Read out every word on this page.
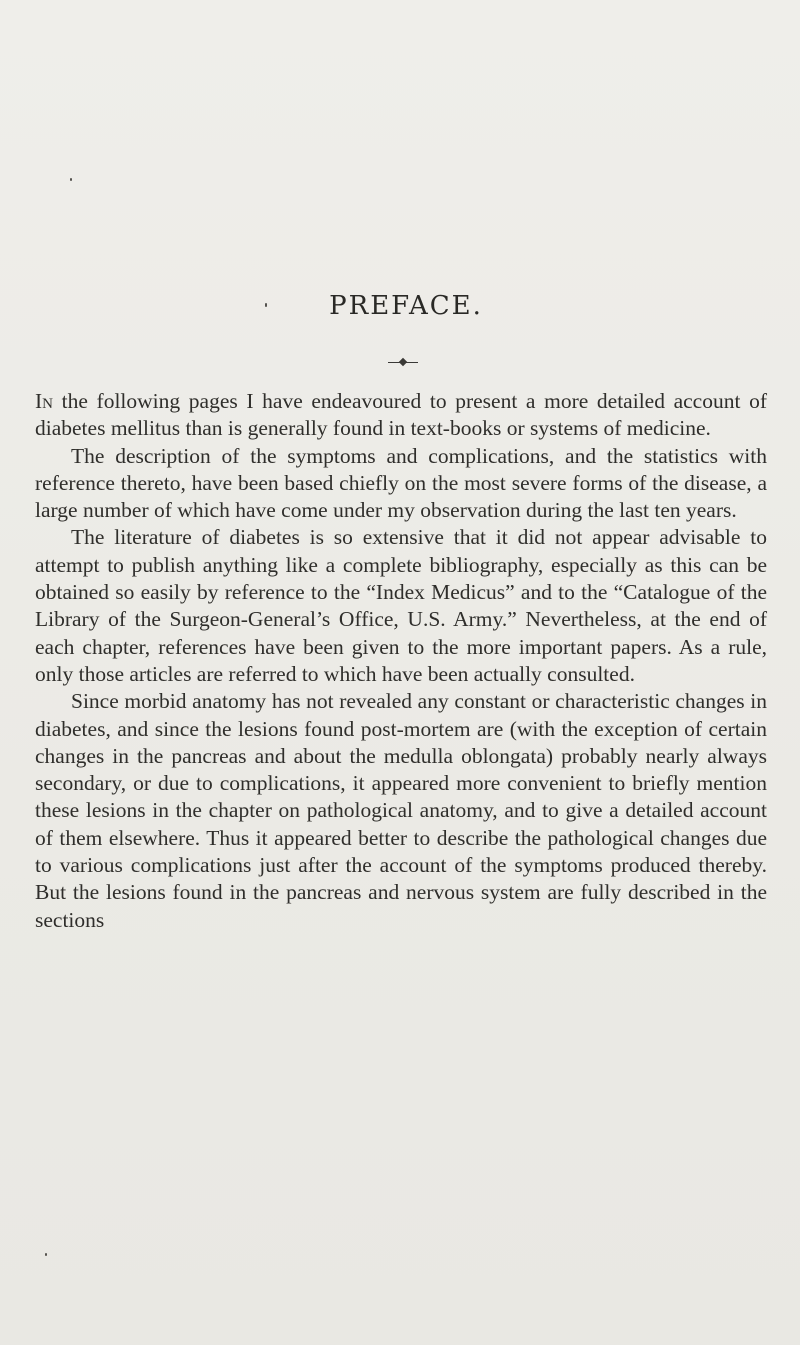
PREFACE.

In the following pages I have endeavoured to present a more detailed account of diabetes mellitus than is generally found in text-books or systems of medicine.

The description of the symptoms and complications, and the statistics with reference thereto, have been based chiefly on the most severe forms of the disease, a large number of which have come under my observation during the last ten years.

The literature of diabetes is so extensive that it did not appear advisable to attempt to publish anything like a complete bibliography, especially as this can be obtained so easily by reference to the “Index Medicus” and to the “Catalogue of the Library of the Surgeon-General’s Office, U.S. Army.” Nevertheless, at the end of each chapter, references have been given to the more important papers. As a rule, only those articles are referred to which have been actually consulted.

Since morbid anatomy has not revealed any constant or characteristic changes in diabetes, and since the lesions found post-mortem are (with the exception of certain changes in the pancreas and about the medulla oblongata) probably nearly always secondary, or due to complications, it appeared more convenient to briefly mention these lesions in the chapter on pathological anatomy, and to give a detailed account of them elsewhere. Thus it appeared better to describe the pathological changes due to various complications just after the account of the symptoms produced thereby. But the lesions found in the pancreas and nervous system are fully described in the sections
